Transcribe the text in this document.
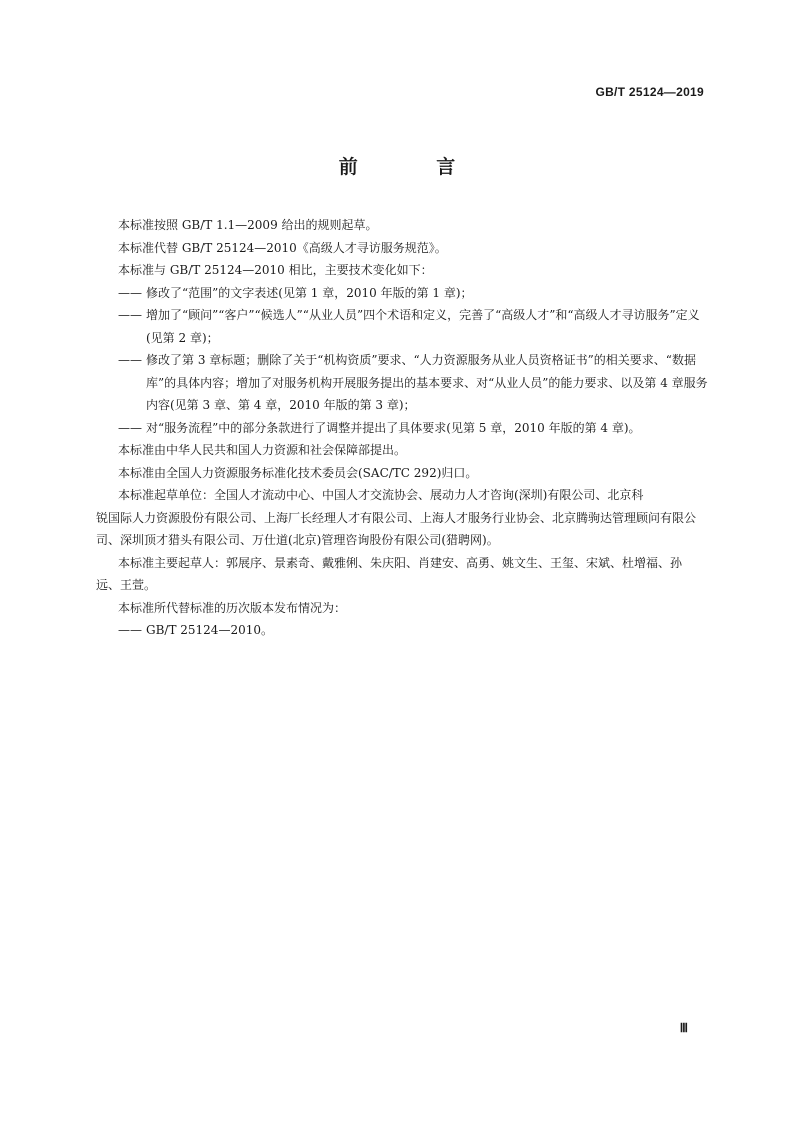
GB/T 25124—2019
前 言

本标准按照 GB/T 1.1—2009 给出的规则起草。

本标准代替 GB/T 25124—2010《高级人才寻访服务规范》。

本标准与 GB/T 25124—2010 相比，主要技术变化如下：

—— 修改了“范围”的文字表述(见第 1 章，2010 年版的第 1 章)；
—— 增加了“顾问”“客户”“候选人”“从业人员”四个术语和定义，完善了“高级人才”和“高级人才寻访服务”定义(见第 2 章)；
—— 修改了第 3 章标题；删除了关于“机构资质”要求、“人力资源服务从业人员资格证书”的相关要求、“数据库”的具体内容；增加了对服务机构开展服务提出的基本要求、对“从业人员”的能力要求、以及第 4 章服务内容(见第 3 章、第 4 章，2010 年版的第 3 章)；
—— 对“服务流程”中的部分条款进行了调整并提出了具体要求(见第 5 章，2010 年版的第 4 章)。

本标准由中华人民共和国人力资源和社会保障部提出。

本标准由全国人力资源服务标准化技术委员会(SAC/TC 292)归口。

本标准起草单位：全国人才流动中心、中国人才交流协会、展动力人才咨询(深圳)有限公司、北京科

锐国际人力资源股份有限公司、上海厂长经理人才有限公司、上海人才服务行业协会、北京腾驹达管理顾问有限公司、深圳顶才猎头有限公司、万仕道(北京)管理咨询股份有限公司(猎聘网)。

本标准主要起草人：郭展序、景素奇、戴雅俐、朱庆阳、肖建安、高勇、姚文生、王玺、宋斌、杜增福、孙

远、王萱。

本标准所代替标准的历次版本发布情况为：

—— GB/T 25124—2010。
Ⅲ
